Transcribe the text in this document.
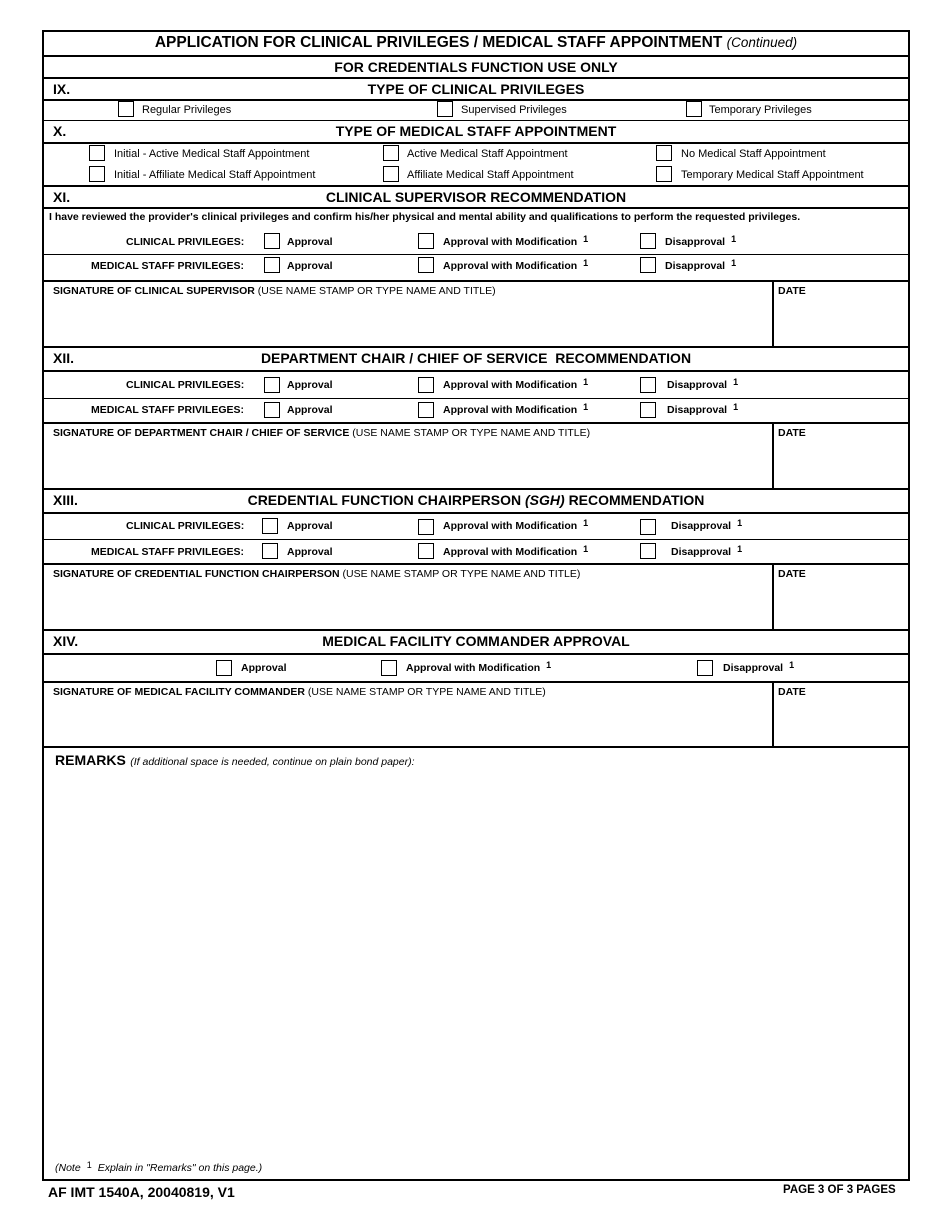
APPLICATION FOR CLINICAL PRIVILEGES / MEDICAL STAFF APPOINTMENT (Continued)
FOR CREDENTIALS FUNCTION USE ONLY
IX.	TYPE OF CLINICAL PRIVILEGES
Regular Privileges	Supervised Privileges	Temporary Privileges
X.	TYPE OF MEDICAL STAFF APPOINTMENT
Initial - Active Medical Staff Appointment	Active Medical Staff Appointment	No Medical Staff Appointment
Initial - Affiliate Medical Staff Appointment	Affiliate Medical Staff Appointment	Temporary Medical Staff Appointment
XI.	CLINICAL SUPERVISOR RECOMMENDATION
I have reviewed the provider's clinical privileges and confirm his/her physical and mental ability and qualifications to perform the requested privileges.
CLINICAL PRIVILEGES:	Approval	Approval with Modification $^1$	Disapproval $^1$
MEDICAL STAFF PRIVILEGES:	Approval	Approval with Modification $^1$	Disapproval $^1$
SIGNATURE OF CLINICAL SUPERVISOR (USE NAME STAMP OR TYPE NAME AND TITLE)	DATE
XII.	DEPARTMENT CHAIR / CHIEF OF SERVICE  RECOMMENDATION
CLINICAL PRIVILEGES:	Approval	Approval with Modification $^1$	Disapproval $^1$
MEDICAL STAFF PRIVILEGES:	Approval	Approval with Modification $^1$	Disapproval $^1$
SIGNATURE OF DEPARTMENT CHAIR / CHIEF OF SERVICE (USE NAME STAMP OR TYPE NAME AND TITLE)	DATE
XIII.	CREDENTIAL FUNCTION CHAIRPERSON (SGH) RECOMMENDATION
CLINICAL PRIVILEGES:	Approval	Approval with Modification $^1$	Disapproval $^1$
MEDICAL STAFF PRIVILEGES:	Approval	Approval with Modification $^1$	Disapproval $^1$
SIGNATURE OF CREDENTIAL FUNCTION CHAIRPERSON (USE NAME STAMP OR TYPE NAME AND TITLE)	DATE
XIV.	MEDICAL FACILITY COMMANDER APPROVAL
Approval	Approval with Modification $^1$	Disapproval $^1$
SIGNATURE OF MEDICAL FACILITY COMMANDER (USE NAME STAMP OR TYPE NAME AND TITLE)	DATE
REMARKS (If additional space is needed, continue on plain bond paper):
(Note $^1$ Explain in "Remarks" on this page.)
AF IMT 1540A, 20040819, V1	PAGE 3 OF 3 PAGES
